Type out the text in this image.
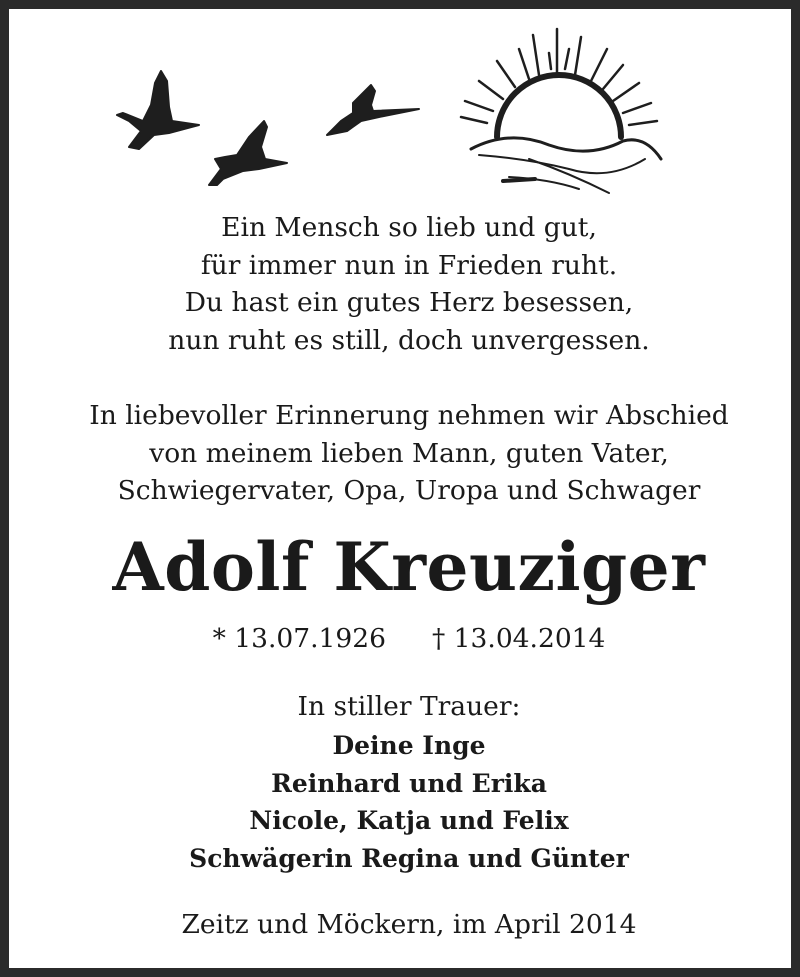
Ein Mensch so lieb und gut,
für immer nun in Frieden ruht.
Du hast ein gutes Herz besessen,
nun ruht es still, doch unvergessen.
In liebevoller Erinnerung nehmen wir Abschied
von meinem lieben Mann, guten Vater,
Schwiegervater, Opa, Uropa und Schwager
Adolf Kreuziger
* 13.07.1926 † 13.04.2014
In stiller Trauer:
Deine Inge
Reinhard und Erika
Nicole, Katja und Felix
Schwägerin Regina und Günter
Zeitz und Möckern, im April 2014
